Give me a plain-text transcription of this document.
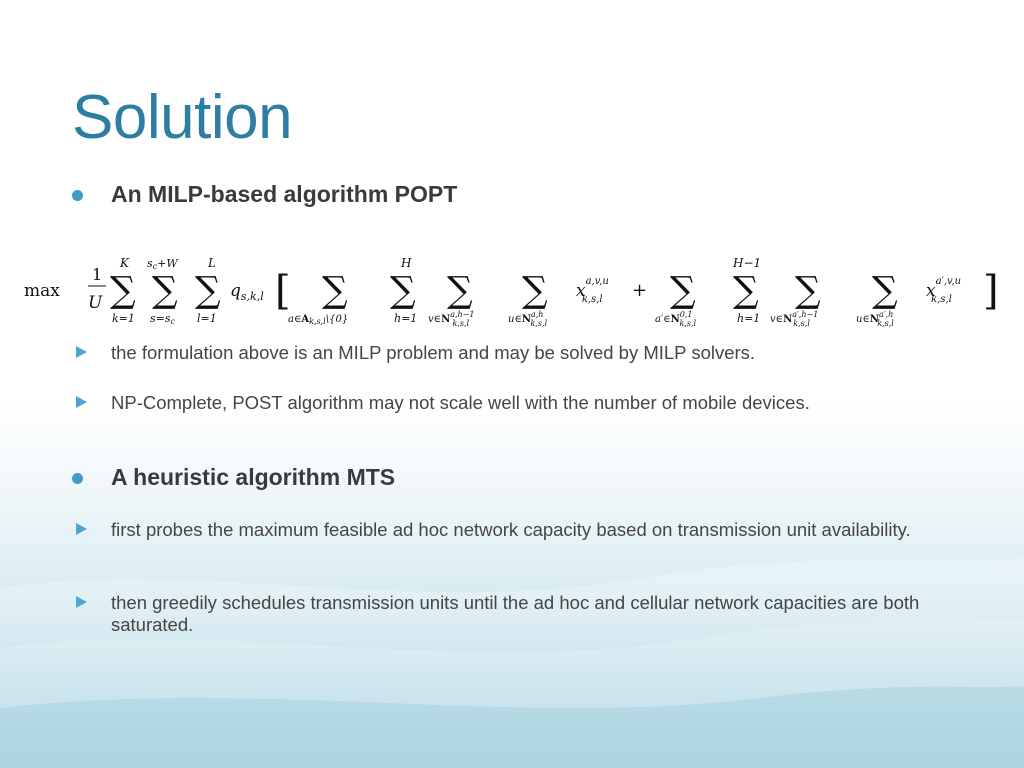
Solution
An MILP-based algorithm POPT
max
1
U
K
∑
k=1
sc+W
∑
s=sc
L
∑
l=1
$q_{s,k,l}$ [ ∑
$a\in A_{k,s,l}\backslash\{0\}$
H
∑
h=1
∑
$v\in N^{a,h-1}$ k,s,l
∑
$u\in N^{a,h}$ k,s,l
$x^{a,v,u}$ k,s,l	+ ∑
$a'\in N^{0,1}$ k,s,l
H−1
∑
h=1
∑
$v\in N^{a',h-1}$ k,s,l
∑
$u\in N^{a',h}$ k,s,l
$x^{a',v,u}$ k,s,l ]
the formulation above is an MILP problem and may be solved by MILP solvers.
NP-Complete, POST algorithm may not scale well with the number of mobile devices.
A heuristic algorithm MTS
first probes the maximum feasible ad hoc network capacity based on transmission unit availability.
then greedily schedules transmission units until the ad hoc and cellular network capacities are both saturated.
